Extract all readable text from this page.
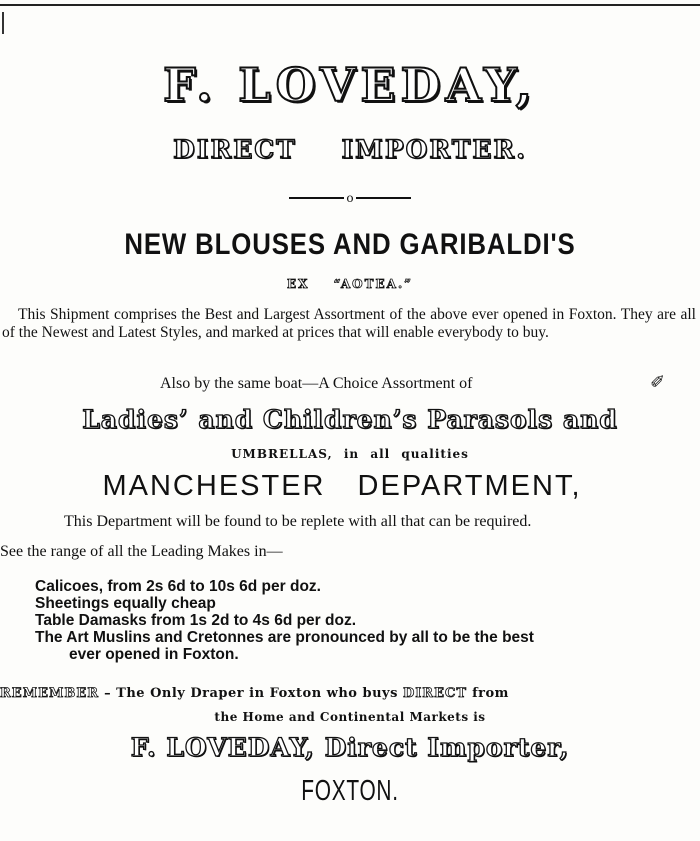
F. LOVEDAY,
DIRECT IMPORTER.
o
NEW BLOUSES AND GARIBALDI'S
EX “AOTEA.”
This Shipment comprises the Best and Largest Assortment of the above ever opened in Foxton. They are all of the Newest and Latest Styles, and marked at prices that will enable everybody to buy.
Also by the same boat—A Choice Assortment of	✐
Ladies’ and Children’s Parasols and
UMBRELLAS, in all qualities
MANCHESTER DEPARTMENT,
This Department will be found to be replete with all that can be required.
See the range of all the Leading Makes in—
Calicoes, from 2s 6d to 10s 6d per doz.
Sheetings equally cheap
Table Damasks from 1s 2d to 4s 6d per doz.
The Art Muslins and Cretonnes are pronounced by all to be the best
ever opened in Foxton.
REMEMBER – The Only Draper in Foxton who buys DIRECT from
the Home and Continental Markets is
F. LOVEDAY, Direct Importer,
FOXTON.
